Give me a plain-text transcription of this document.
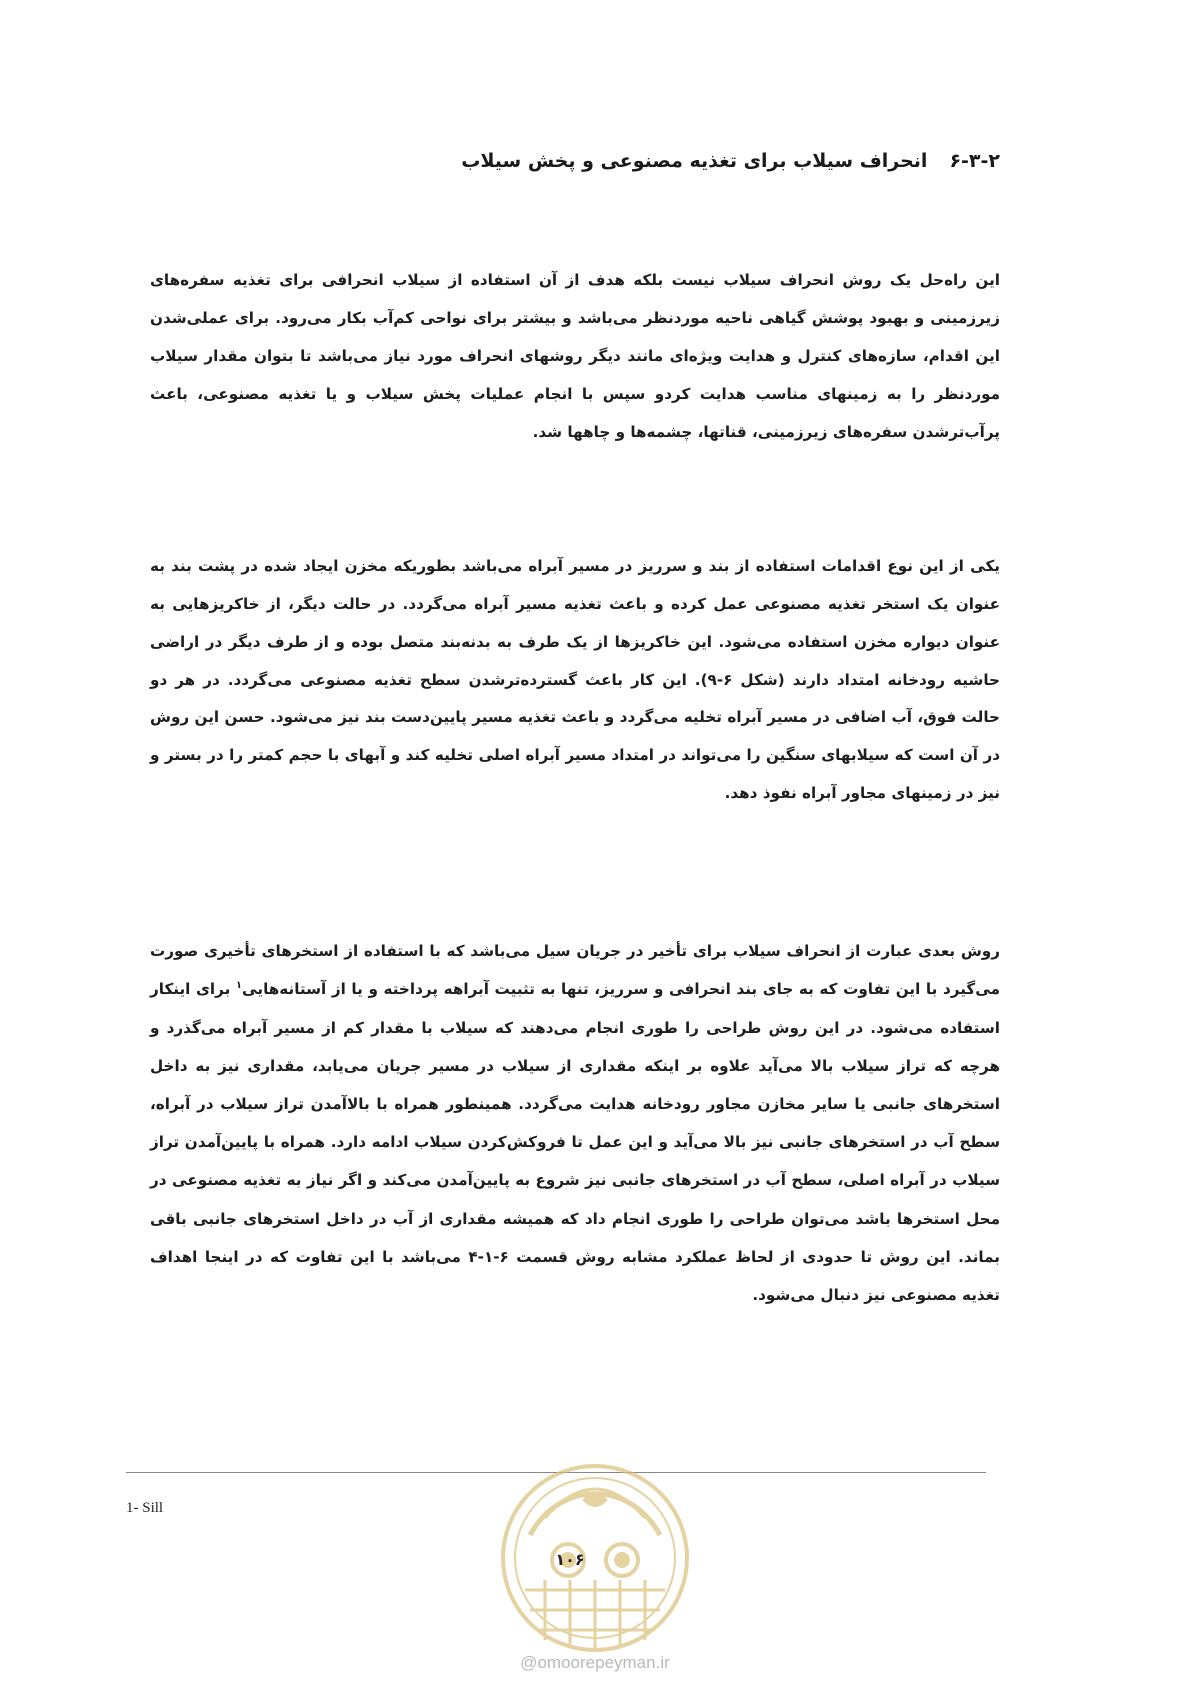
۶-۳-۲انحراف سیلاب برای تغذیه مصنوعی و پخش سیلاب

این راه‌حل یک روش انحراف سیلاب نیست بلکه هدف از آن استفاده از سیلاب انحرافی برای تغذیه سفره‌های زیرزمینی و بهبود پوشش گیاهی ناحیه موردنظر می‌باشد و بیشتر برای نواحی کم‌آب بکار می‌رود. برای عملی‌شدن این اقدام، سازه‌های کنترل و هدایت ویژه‌ای مانند دیگر روشهای انحراف مورد نیاز می‌باشد تا بتوان مقدار سیلاب موردنظر را به زمینهای مناسب هدایت کردو سپس با انجام عملیات پخش سیلاب و یا تغذیه مصنوعی، باعث پرآب‌ترشدن سفره‌های زیرزمینی، قناتها، چشمه‌ها و چاهها شد.

یکی از این نوع اقدامات استفاده از بند و سرریز در مسیر آبراه می‌باشد بطوریکه مخزن ایجاد شده در پشت بند به عنوان یک استخر تغذیه مصنوعی عمل کرده و باعث تغذیه مسیر آبراه می‌گردد. در حالت دیگر، از خاکریزهایی به عنوان دیواره مخزن استفاده می‌شود. این خاکریزها از یک طرف به بدنه‌بند متصل بوده و از طرف دیگر در اراضی حاشیه رودخانه امتداد دارند (شکل ۶-۹). این کار باعث گسترده‌ترشدن سطح تغذیه مصنوعی می‌گردد. در هر دو حالت فوق، آب اضافی در مسیر آبراه تخلیه می‌گردد و باعث تغذیه مسیر پایین‌دست بند نیز می‌شود. حسن این روش در آن است که سیلابهای سنگین را می‌تواند در امتداد مسیر آبراه اصلی تخلیه کند و آبهای با حجم کمتر را در بستر و نیز در زمینهای مجاور آبراه نفوذ دهد.

روش بعدی عبارت از انحراف سیلاب برای تأخیر در جریان سیل می‌باشد که با استفاده از استخرهای تأخیری صورت می‌گیرد با این تفاوت که به جای بند انحرافی و سرریز، تنها به تثبیت آبراهه پرداخته و یا از آستانه‌هایی$^۱$ برای اینکار استفاده می‌شود. در این روش طراحی را طوری انجام می‌دهند که سیلاب با مقدار کم از مسیر آبراه می‌گذرد و هرچه که تراز سیلاب بالا می‌آید علاوه بر اینکه مقداری از سیلاب در مسیر جریان می‌یابد، مقداری نیز به داخل استخرهای جانبی یا سایر مخازن مجاور رودخانه هدایت می‌گردد. همینطور همراه با بالاآمدن تراز سیلاب در آبراه، سطح آب در استخرهای جانبی نیز بالا می‌آید و این عمل تا فروکش‌کردن سیلاب ادامه دارد. همراه با پایین‌آمدن تراز سیلاب در آبراه اصلی، سطح آب در استخرهای جانبی نیز شروع به پایین‌آمدن می‌کند و اگر نیاز به تغذیه مصنوعی در محل استخرها باشد می‌توان طراحی را طوری انجام داد که همیشه مقداری از آب در داخل استخرهای جانبی باقی بماند. این روش تا حدودی از لحاظ عملکرد مشابه روش قسمت ۶-۱-۴ می‌باشد با این تفاوت که در اینجا اهداف تغذیه مصنوعی نیز دنبال می‌شود.

1- Sill
۱۰۶
@omoorepeyman.ir
